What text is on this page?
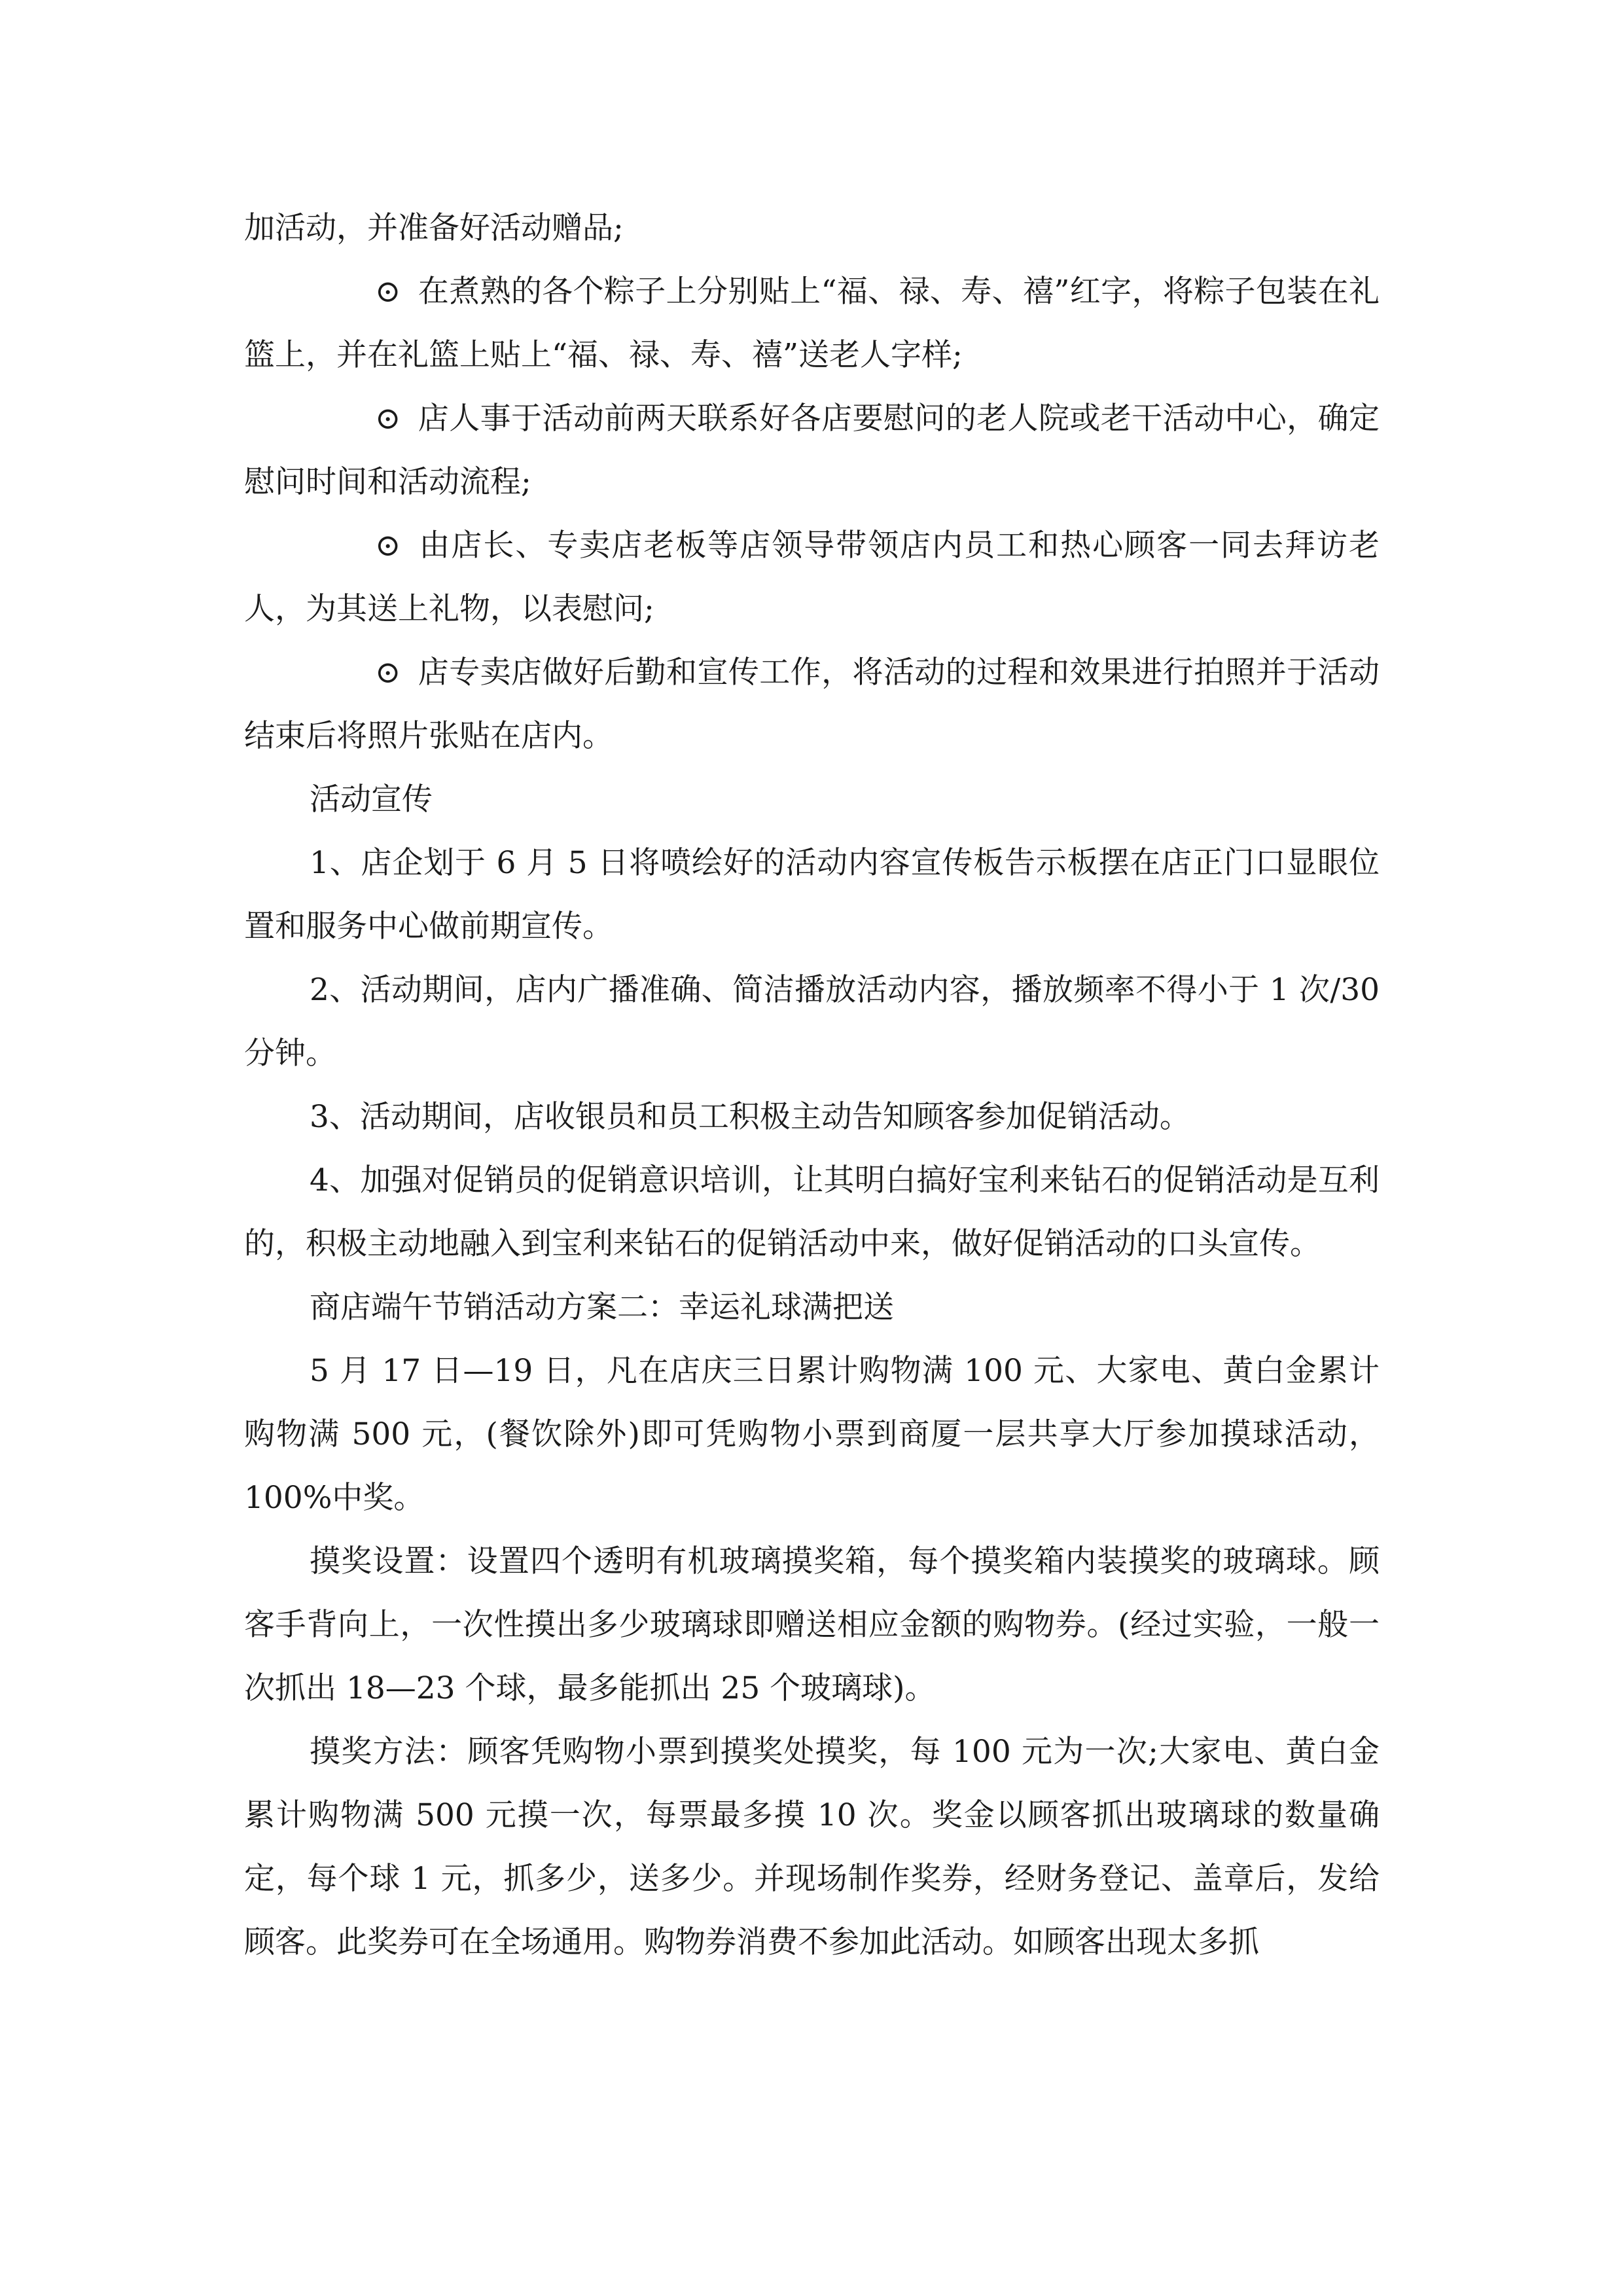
加活动，并准备好活动赠品;

⊙ 在煮熟的各个粽子上分别贴上“福、禄、寿、禧”红字，将粽子包装在礼篮上，并在礼篮上贴上“福、禄、寿、禧”送老人字样;

⊙ 店人事于活动前两天联系好各店要慰问的老人院或老干活动中心，确定慰问时间和活动流程;

⊙ 由店长、专卖店老板等店领导带领店内员工和热心顾客一同去拜访老人，为其送上礼物，以表慰问;

⊙ 店专卖店做好后勤和宣传工作，将活动的过程和效果进行拍照并于活动结束后将照片张贴在店内。

活动宣传

1、店企划于 6 月 5 日将喷绘好的活动内容宣传板告示板摆在店正门口显眼位置和服务中心做前期宣传。

2、活动期间，店内广播准确、简洁播放活动内容，播放频率不得小于 1 次/30 分钟。

3、活动期间，店收银员和员工积极主动告知顾客参加促销活动。

4、加强对促销员的促销意识培训，让其明白搞好宝利来钻石的促销活动是互利的，积极主动地融入到宝利来钻石的促销活动中来，做好促销活动的口头宣传。

商店端午节销活动方案二：幸运礼球满把送

5 月 17 日—19 日，凡在店庆三日累计购物满 100 元、大家电、黄白金累计购物满 500 元，(餐饮除外)即可凭购物小票到商厦一层共享大厅参加摸球活动，100%中奖。

摸奖设置：设置四个透明有机玻璃摸奖箱，每个摸奖箱内装摸奖的玻璃球。顾客手背向上，一次性摸出多少玻璃球即赠送相应金额的购物券。(经过实验，一般一次抓出 18—23 个球，最多能抓出 25 个玻璃球)。

摸奖方法：顾客凭购物小票到摸奖处摸奖，每 100 元为一次;大家电、黄白金累计购物满 500 元摸一次，每票最多摸 10 次。奖金以顾客抓出玻璃球的数量确定，每个球 1 元，抓多少，送多少。并现场制作奖券，经财务登记、盖章后，发给顾客。此奖券可在全场通用。购物券消费不参加此活动。如顾客出现太多抓
